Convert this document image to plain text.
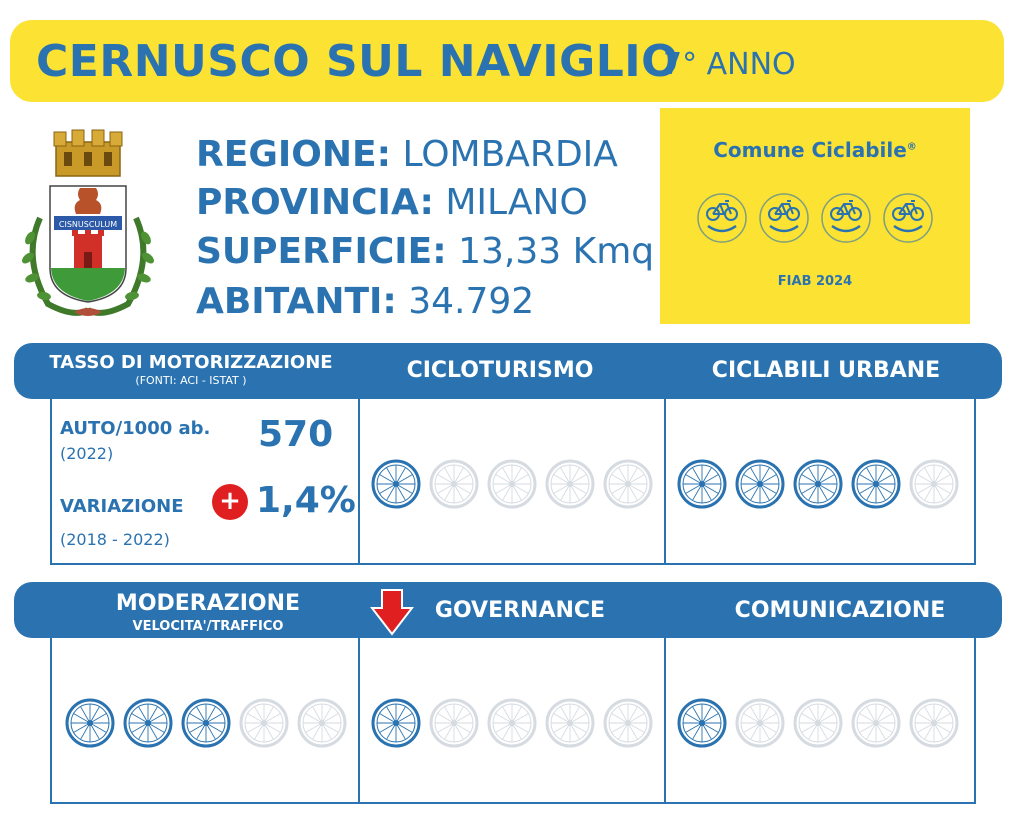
CERNUSCO SUL NAVIGLIO
7° ANNO
CISNUSCULUM
REGIONE: LOMBARDIA
PROVINCIA: MILANO
SUPERFICIE: 13,33 Kmq
ABITANTI: 34.792
Comune Ciclabile®
FIAB 2024
TASSO DI MOTORIZZAZIONE
(FONTI: ACI - ISTAT )	CICLOTURISMO	CICLABILI URBANE
AUTO/1000 ab.
(2022)	570
VARIAZIONE + 1,4%
(2018 - 2022)
MODERAZIONE
VELOCITA'/TRAFFICO
GOVERNANCE	COMUNICAZIONE
